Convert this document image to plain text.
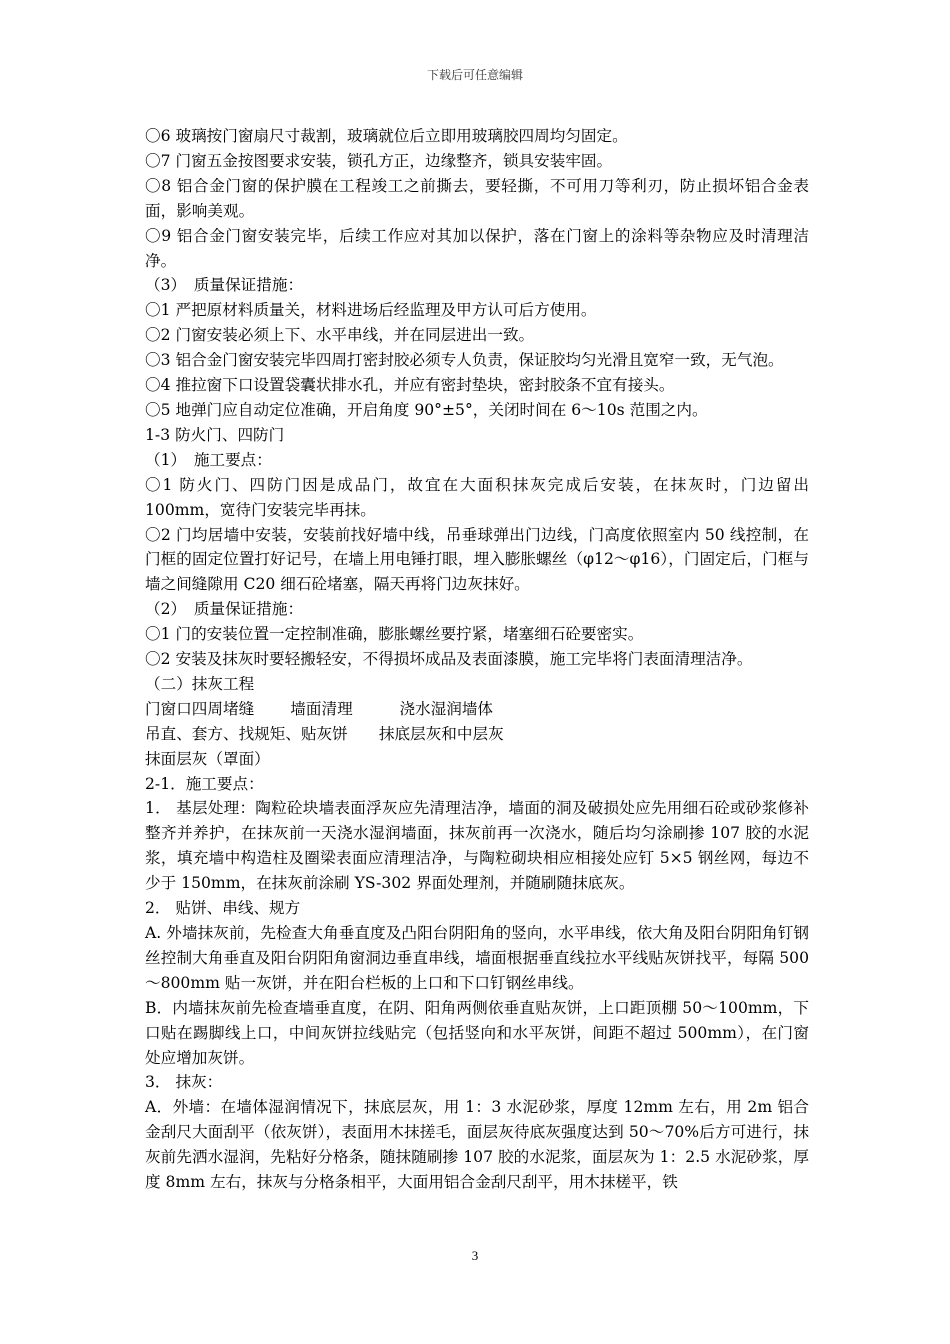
下载后可任意编辑

〇6 玻璃按门窗扇尺寸裁割，玻璃就位后立即用玻璃胶四周均匀固定。

〇7 门窗五金按图要求安装，锁孔方正，边缘整齐，锁具安装牢固。

〇8 铝合金门窗的保护膜在工程竣工之前撕去，要轻撕，不可用刀等利刃，防止损坏铝合金表面，影响美观。

〇9 铝合金门窗安装完毕，后续工作应对其加以保护，落在门窗上的涂料等杂物应及时清理洁净。

（3）　质量保证措施：

〇1 严把原材料质量关，材料进场后经监理及甲方认可后方使用。

〇2 门窗安装必须上下、水平串线，并在同层进出一致。

〇3 铝合金门窗安装完毕四周打密封胶必须专人负责，保证胶均匀光滑且宽窄一致，无气泡。

〇4 推拉窗下口设置袋囊状排水孔，并应有密封垫块，密封胶条不宜有接头。

〇5 地弹门应自动定位准确，开启角度 90°±5°，关闭时间在 6～10s 范围之内。

1-3 防火门、四防门

（1）　施工要点：

〇1 防火门、四防门因是成品门，故宜在大面积抹灰完成后安装，在抹灰时，门边留出 100mm，宽待门安装完毕再抹。

〇2 门均居墙中安装，安装前找好墙中线，吊垂球弹出门边线，门高度依照室内 50 线控制，在门框的固定位置打好记号，在墙上用电锤打眼，埋入膨胀螺丝（φ12～φ16），门固定后，门框与墙之间缝隙用 C20 细石砼堵塞，隔天再将门边灰抹好。

（2）　质量保证措施：

〇1 门的安装位置一定控制准确，膨胀螺丝要拧紧，堵塞细石砼要密实。

〇2 安装及抹灰时要轻搬轻安，不得损坏成品及表面漆膜，施工完毕将门表面清理洁净。

（二）抹灰工程

门窗口四周堵缝　　 墙面清理　　　浇水湿润墙体

吊直、套方、找规矩、贴灰饼　　抹底层灰和中层灰

抹面层灰（罩面）

2-1．施工要点：

1． 基层处理：陶粒砼块墙表面浮灰应先清理洁净，墙面的洞及破损处应先用细石砼或砂浆修补整齐并养护，在抹灰前一天浇水湿润墙面，抹灰前再一次浇水，随后均匀涂刷掺 107 胶的水泥浆，填充墙中构造柱及圈梁表面应清理洁净，与陶粒砌块相应相接处应钉 5×5 钢丝网，每边不少于 150mm，在抹灰前涂刷 YS-302 界面处理剂，并随刷随抹底灰。

2． 贴饼、串线、规方

A. 外墙抹灰前，先检查大角垂直度及凸阳台阴阳角的竖向，水平串线，依大角及阳台阴阳角钉钢丝控制大角垂直及阳台阴阳角窗洞边垂直串线，墙面根据垂直线拉水平线贴灰饼找平，每隔 500～800mm 贴一灰饼，并在阳台栏板的上口和下口钉钢丝串线。

B．内墙抹灰前先检查墙垂直度，在阴、阳角两侧依垂直贴灰饼，上口距顶棚 50～100mm，下口贴在踢脚线上口，中间灰饼拉线贴完（包括竖向和水平灰饼，间距不超过 500mm），在门窗处应增加灰饼。

3． 抹灰：

A．外墙：在墙体湿润情况下，抹底层灰，用 1：3 水泥砂浆，厚度 12mm 左右，用 2m 铝合金刮尺大面刮平（依灰饼），表面用木抹搓毛，面层灰待底灰强度达到 50～70%后方可进行，抹灰前先洒水湿润，先粘好分格条，随抹随刷掺 107 胶的水泥浆，面层灰为 1：2.5 水泥砂浆，厚度 8mm 左右，抹灰与分格条相平，大面用铝合金刮尺刮平，用木抹槎平，铁

3
